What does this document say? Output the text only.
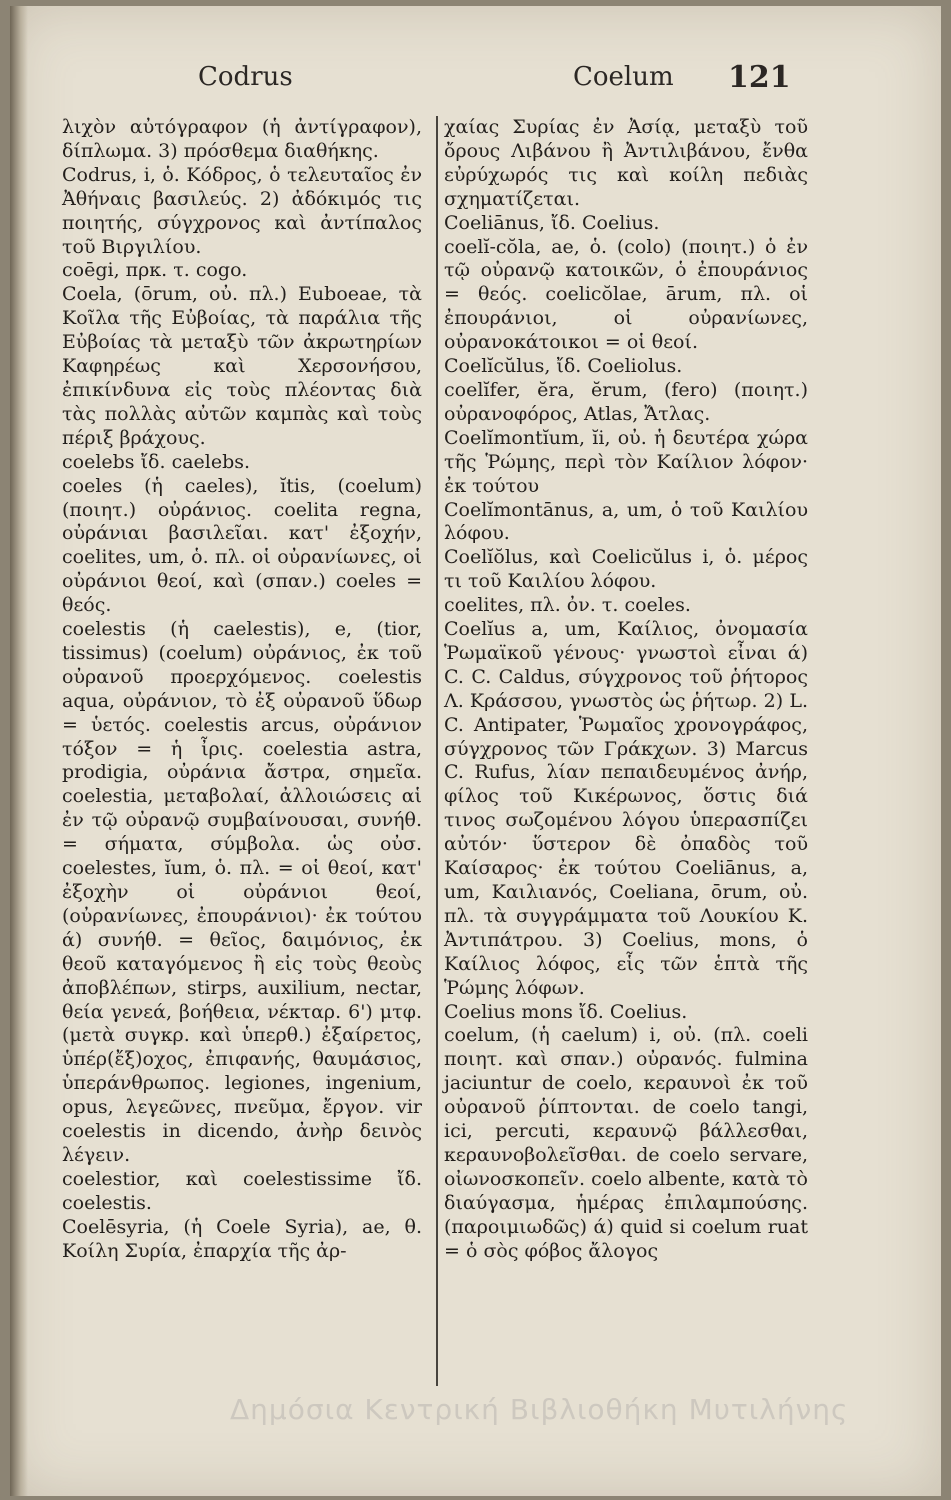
Codrus	Coelum 121

λιχὸν αὐτόγραφον (ἡ ἀντίγραφον), δίπλωμα. 3) πρόσθεμα διαθήκης.

Codrus, i, ὁ. Κόδρος, ὁ τελευταῖος ἐν Ἀθήναις βασιλεύς. 2) ἀδόκιμός τις ποιητής, σύγχρονος καὶ ἀντίπαλος τοῦ Βιργιλίου.

coēgi, πρκ. τ. cogo.

Coela, (ōrum, οὐ. πλ.) Euboeae, τὰ Κοῖλα τῆς Εὐβοίας, τὰ παράλια τῆς Εὐβοίας τὰ μεταξὺ τῶν ἀκρωτηρίων Καφηρέως καὶ Χερσονήσου, ἐπικίνδυνα εἰς τοὺς πλέοντας διὰ τὰς πολλὰς αὐτῶν καμπὰς καὶ τοὺς πέριξ βράχους.

coelebs ἴδ. caelebs.

coeles (ἡ caeles), ĭtis, (coelum) (ποιητ.) οὐράνιος. coelita regna, οὐράνιαι βασιλεῖαι. κατ' ἐξοχήν, coelites, um, ὁ. πλ. οἱ οὐρανίωνες, οἱ οὐράνιοι θεοί, καὶ (σπαν.) coeles = θεός.

coelestis (ἡ caelestis), e, (tior, tissimus) (coelum) οὐράνιος, ἐκ τοῦ οὐρανοῦ προερχόμενος. coelestis aqua, οὐράνιον, τὸ ἐξ οὐρανοῦ ὕδωρ = ὑετός. coelestis arcus, οὐράνιον τόξον = ἡ ἶρις. coelestia astra, prodigia, οὐράνια ἄστρα, σημεῖα. coelestia, μεταβολαί, ἀλλοιώσεις αἱ ἐν τῷ οὐρανῷ συμβαίνουσαι, συνήθ. = σήματα, σύμβολα. ὡς οὐσ. coelestes, ĭum, ὁ. πλ. = οἱ θεοί, κατ' ἐξοχὴν οἱ οὐράνιοι θεοί, (οὐρανίωνες, ἐπουράνιοι)· ἐκ τούτου ά) συνήθ. = θεῖος, δαιμόνιος, ἐκ θεοῦ καταγόμενος ἢ εἰς τοὺς θεοὺς ἀποβλέπων, stirps, auxilium, nectar, θεία γενεά, βοήθεια, νέκταρ. 6') μτφ. (μετὰ συγκρ. καὶ ὑπερθ.) ἐξαίρετος, ὑπέρ(ἔξ)οχος, ἐπιφανής, θαυμάσιος, ὑπεράνθρωπος. legiones, ingenium, opus, λεγεῶνες, πνεῦμα, ἔργον. vir coelestis in dicendo, ἀνὴρ δεινὸς λέγειν.

coelestior, καὶ coelestissime ἴδ. coelestis.

Coelēsyria, (ἡ Coele Syria), ae, θ. Κοίλη Συρία, ἐπαρχία τῆς ἀρ-

χαίας Συρίας ἐν Ἀσίᾳ, μεταξὺ τοῦ ὄρους Λιβάνου ἢ Ἀντιλιβάνου, ἔνθα εὐρύχωρός τις καὶ κοίλη πεδιὰς σχηματίζεται.

Coeliānus, ἴδ. Coelius.

coelĭ-cŏla, ae, ὁ. (colo) (ποιητ.) ὁ ἐν τῷ οὐρανῷ κατοικῶν, ὁ ἐπουράνιος = θεός. coelicŏlae, ārum, πλ. οἱ ἐπουράνιοι, οἱ οὐρανίωνες, οὐρανοκάτοικοι = οἱ θεοί.

Coelĭcŭlus, ἴδ. Coeliolus.

coelĭfer, ĕra, ĕrum, (fero) (ποιητ.) οὐρανοφόρος, Atlas, Ἄτλας.

Coelĭmontĭum, ĭi, οὐ. ἡ δευτέρα χώρα τῆς Ῥώμης, περὶ τὸν Καίλιον λόφον· ἐκ τούτου

Coelĭmontānus, a, um, ὁ τοῦ Καιλίου λόφου.

Coelĭŏlus, καὶ Coelicŭlus i, ὁ. μέρος τι τοῦ Καιλίου λόφου.

coelites, πλ. ὀν. τ. coeles.

Coelĭus a, um, Καίλιος, ὀνομασία Ῥωμαϊκοῦ γένους· γνωστοὶ εἶναι ά) C. C. Caldus, σύγχρονος τοῦ ῥήτορος Λ. Κράσσου, γνωστὸς ὡς ῥήτωρ. 2) L. C. Antipater, Ῥωμαῖος χρονογράφος, σύγχρονος τῶν Γράκχων. 3) Marcus C. Rufus, λίαν πεπαιδευμένος ἀνήρ, φίλος τοῦ Κικέρωνος, ὅστις διά τινος σωζομένου λόγου ὑπερασπίζει αὐτόν· ὕστερον δὲ ὀπαδὸς τοῦ Καίσαρος· ἐκ τούτου Coeliānus, a, um, Καιλιανός, Coeliana, ōrum, οὐ. πλ. τὰ συγγράμματα τοῦ Λουκίου Κ. Ἀντιπάτρου. 3) Coelius, mons, ὁ Καίλιος λόφος, εἷς τῶν ἑπτὰ τῆς Ῥώμης λόφων.

Coelius mons ἴδ. Coelius.

coelum, (ἡ caelum) i, οὐ. (πλ. coeli ποιητ. καὶ σπαν.) οὐρανός. fulmina jaciuntur de coelo, κεραυνοὶ ἐκ τοῦ οὐρανοῦ ῥίπτονται. de coelo tangi, ici, percuti, κεραυνῷ βάλλεσθαι, κεραυνοβολεῖσθαι. de coelo servare, οἰωνοσκοπεῖν. coelo albente, κατὰ τὸ διαύγασμα, ἡμέρας ἐπιλαμπούσης. (παροιμιωδῶς) ά) quid si coelum ruat = ὁ σὸς φόβος ἄλογος

Δημόσια Κεντρική Βιβλιοθήκη Μυτιλήνης
